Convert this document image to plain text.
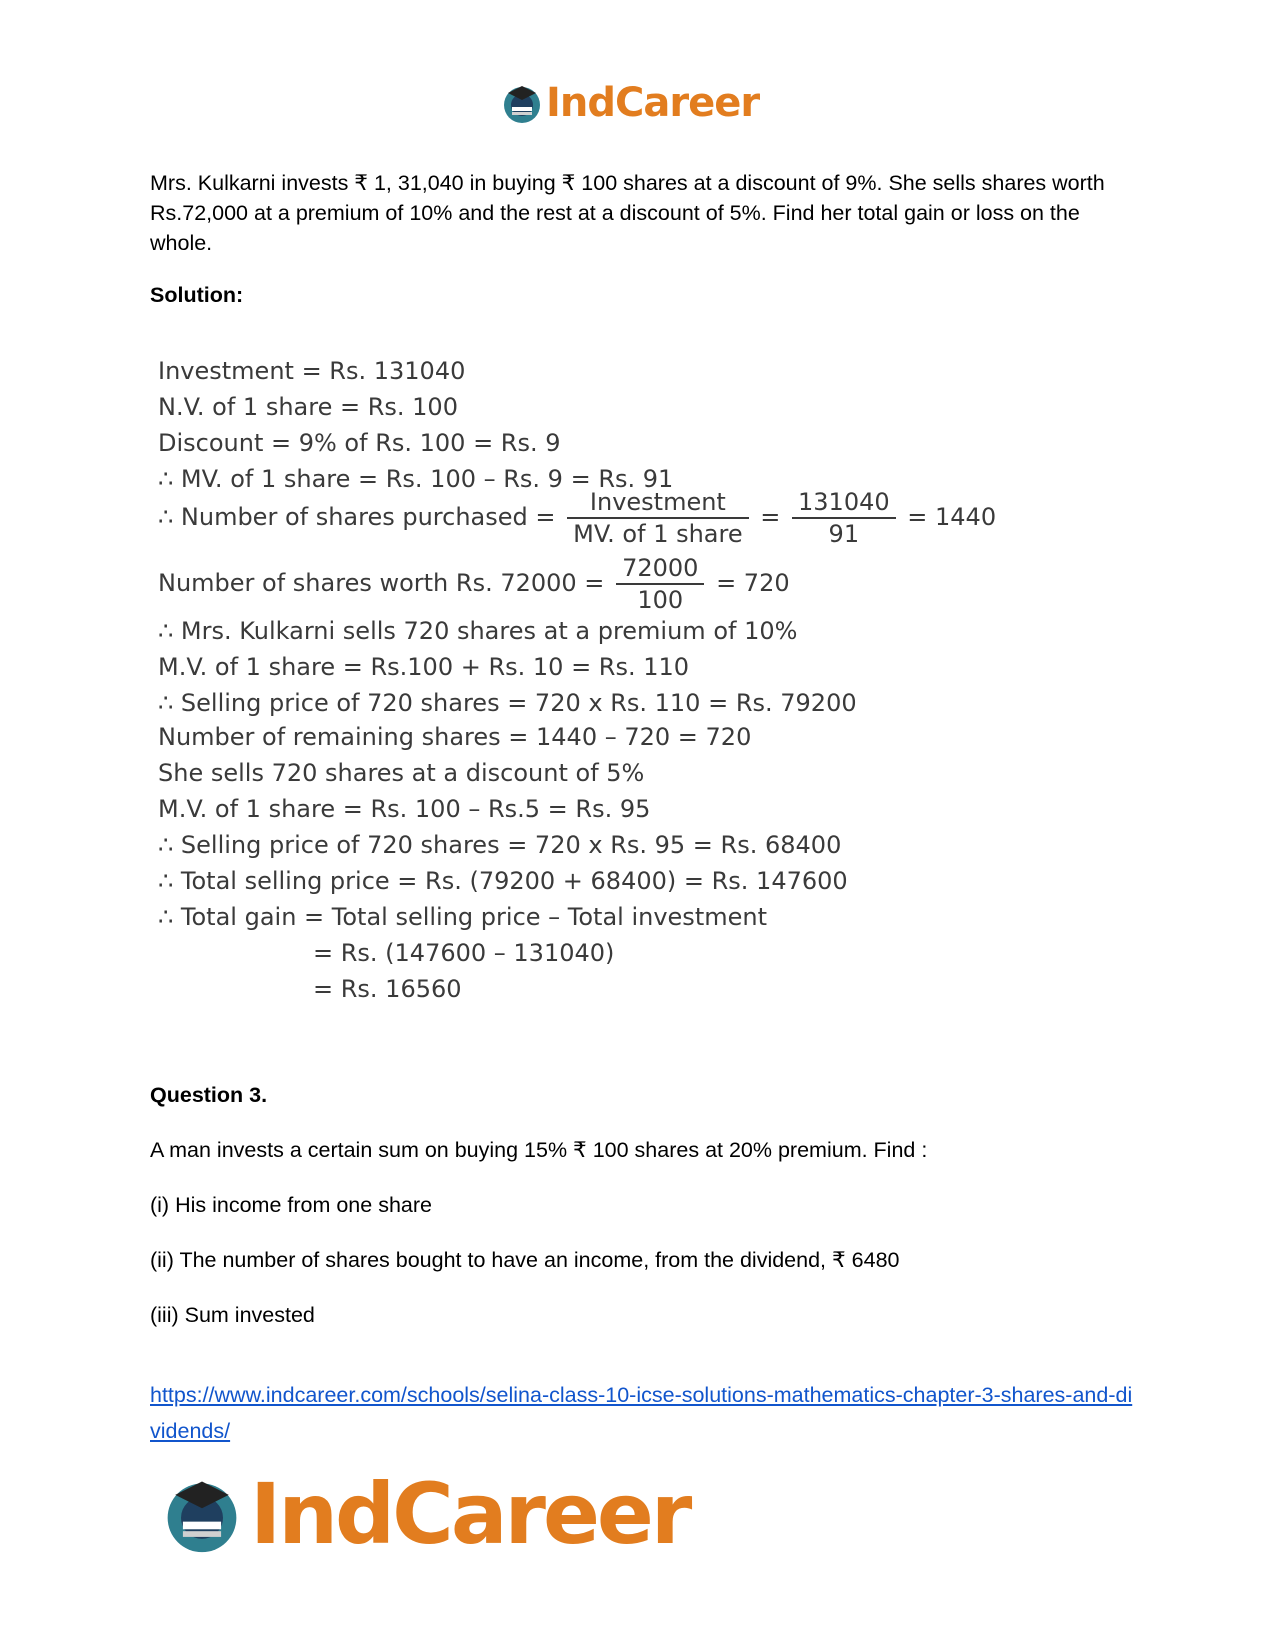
IndCareer

Mrs. Kulkarni invests ₹ 1, 31,040 in buying ₹ 100 shares at a discount of 9%. She sells shares worth Rs.72,000 at a premium of 10% and the rest at a discount of 5%. Find her total gain or loss on the whole.

Solution:

Investment = Rs. 131040
N.V. of 1 share = Rs. 100
Discount = 9% of Rs. 100 = Rs. 9
∴ MV. of 1 share = Rs. 100 – Rs. 9 = Rs. 91
∴ Number of shares purchased = $\frac{\text{Investment}}{\text{MV. of 1 share}} = \frac{131040}{91} = 1440$
Number of shares worth Rs. $72000 = \frac{72000}{100} = 720$
∴ Mrs. Kulkarni sells 720 shares at a premium of 10%
M.V. of 1 share = Rs.100 + Rs. 10 = Rs. 110
∴ Selling price of 720 shares = 720 x Rs. 110 = Rs. 79200
Number of remaining shares = 1440 – 720 = 720
She sells 720 shares at a discount of 5%
M.V. of 1 share = Rs. 100 – Rs.5 = Rs. 95
∴ Selling price of 720 shares = 720 x Rs. 95 = Rs. 68400
∴ Total selling price = Rs. (79200 + 68400) = Rs. 147600
∴ Total gain = Total selling price – Total investment
= Rs. (147600 – 131040)
= Rs. 16560

Question 3.

A man invests a certain sum on buying 15% ₹ 100 shares at 20% premium. Find :

(i) His income from one share

(ii) The number of shares bought to have an income, from the dividend, ₹ 6480

(iii) Sum invested

https://www.indcareer.com/schools/selina-class-10-icse-solutions-mathematics-chapter-3-shares-and-dividends/
IndCareer
